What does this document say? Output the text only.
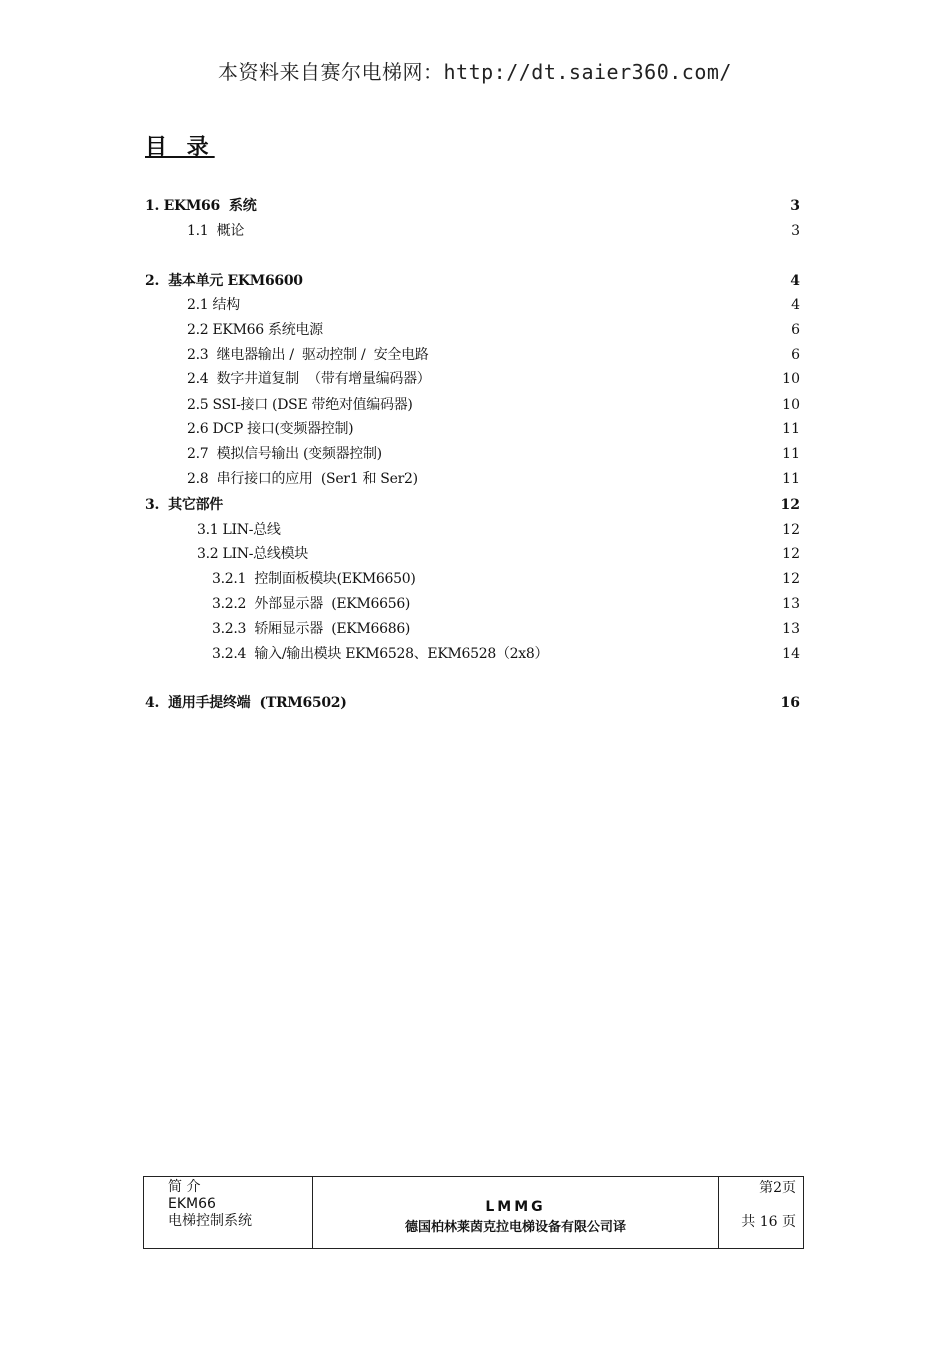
本资料来自赛尔电梯网：http://dt.saier360.com/
目 录
1. EKM66  系统	3
1.1  概论	3
2.  基本单元 EKM6600	4
2.1 结构	4
2.2 EKM66 系统电源	6
2.3  继电器输出 /  驱动控制 /  安全电路	6
2.4  数字井道复制  （带有增量编码器）	10
2.5 SSI-接口 (DSE 带绝对值编码器)	10
2.6 DCP 接口(变频器控制)	11
2.7  模拟信号输出 (变频器控制)	11
2.8  串行接口的应用  (Ser1 和 Ser2)	11
3.  其它部件	12
3.1 LIN-总线	12
3.2 LIN-总线模块	12
3.2.1  控制面板模块(EKM6650)	12
3.2.2  外部显示器  (EKM6656)	13
3.2.3  轿厢显示器  (EKM6686)	13
3.2.4  输入/输出模块 EKM6528、EKM6528（2x8）	14
4.  通用手提终端  (TRM6502)	16
简 介
EKM66
电梯控制系统
LMMG
德国柏林莱茵克拉电梯设备有限公司译
第2页
共 16 页
